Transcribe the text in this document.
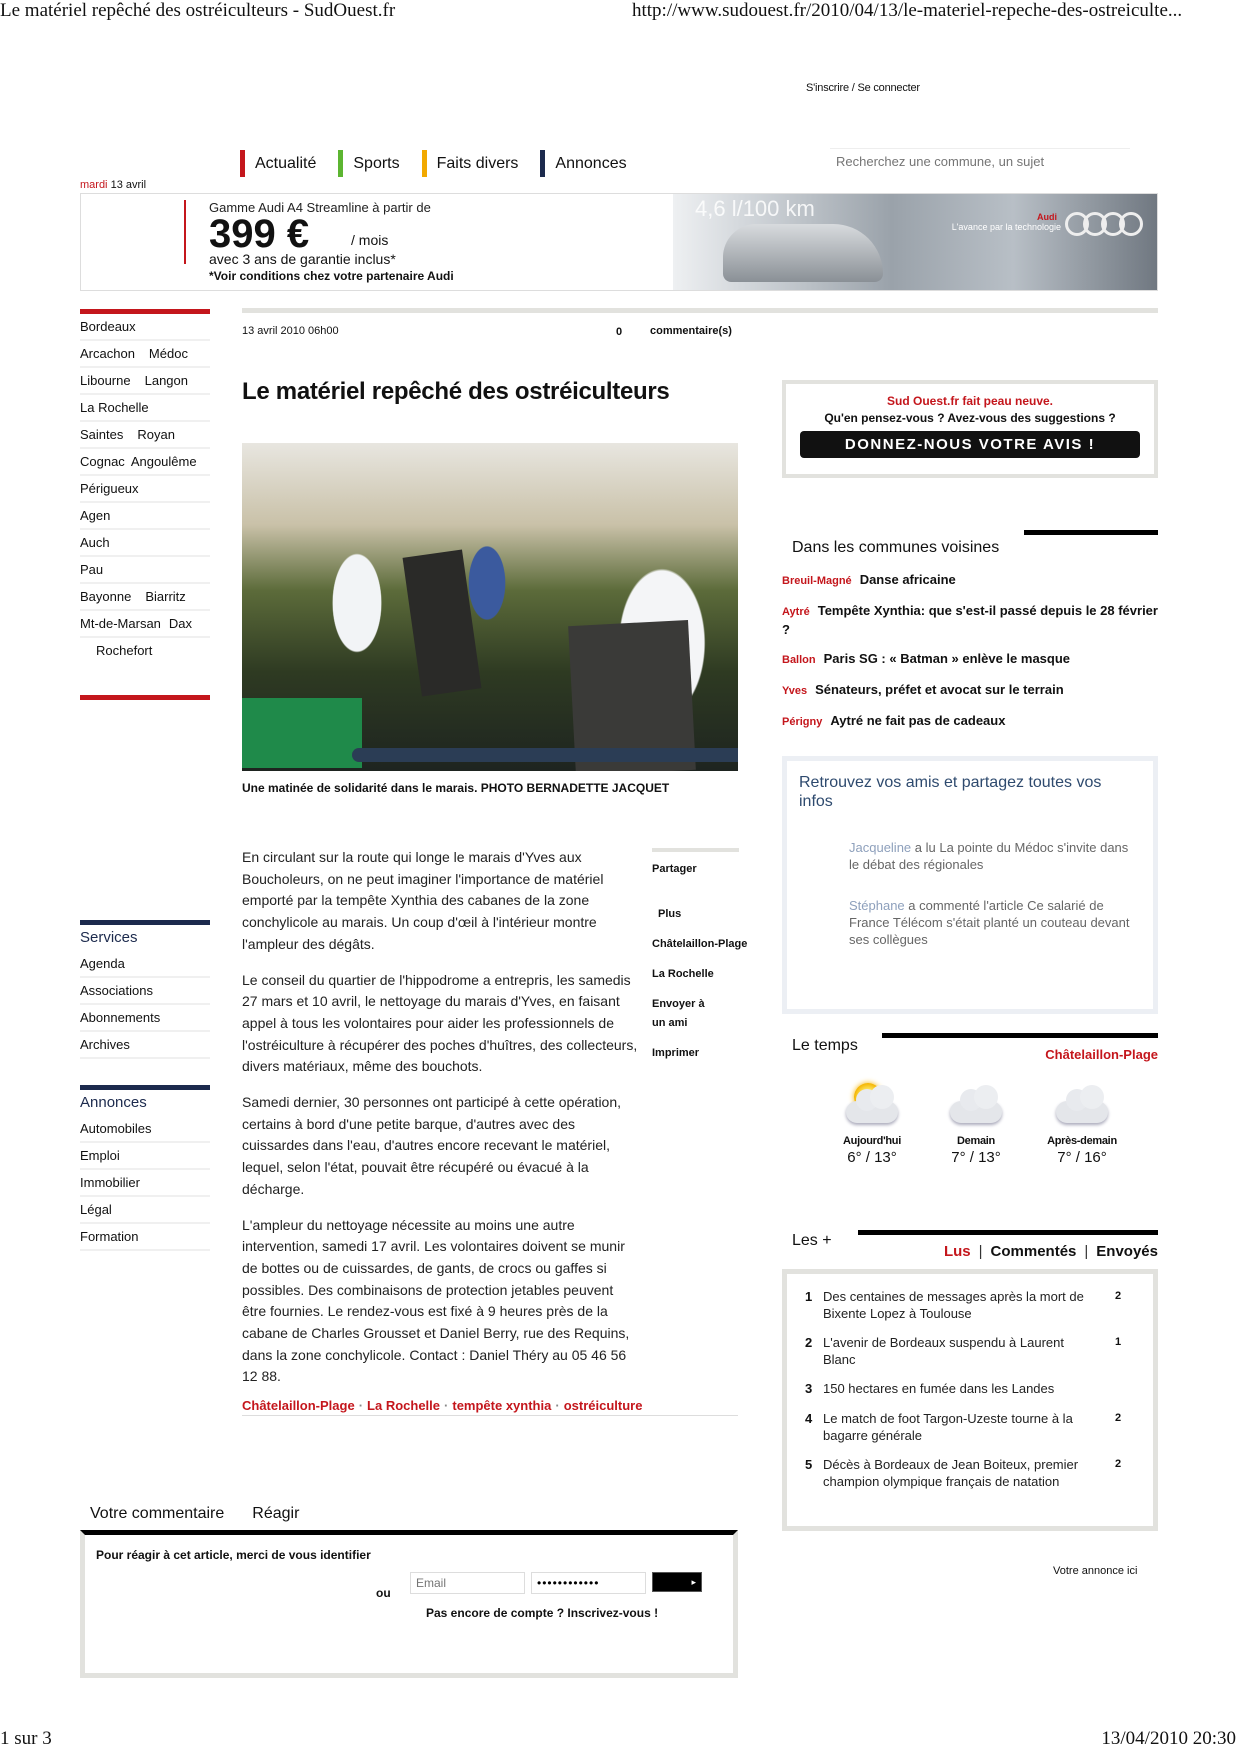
Le matériel repêché des ostréiculteurs - SudOuest.fr	http://www.sudouest.fr/2010/04/13/le-materiel-repeche-des-ostreiculte...
S'inscrire / Se connecter
Actualité Sports Faits divers Annonces
Recherchez une commune, un sujet
mardi 13 avril
Gamme Audi A4 Streamline à partir de
399 €	/ mois
avec 3 ans de garantie inclus*
*Voir conditions chez votre partenaire Audi
4,6 l/100 km	Audi
L'avance par la technologie
Bordeaux
Arcachon Médoc
Libourne Langon
La Rochelle
Saintes Royan
Cognac Angoulême
Périgueux
Agen
Auch
Pau
Bayonne Biarritz
Mt-de-Marsan Dax
Rochefort
Services
Agenda
Associations
Abonnements
Archives
Annonces
Automobiles
Emploi
Immobilier
Légal
Formation
13 avril 2010 06h00	0	commentaire(s)
Le matériel repêché des ostréiculteurs
Une matinée de solidarité dans le marais. PHOTO BERNADETTE JACQUET

En circulant sur la route qui longe le marais d'Yves aux Boucholeurs, on ne peut imaginer l'importance de matériel emporté par la tempête Xynthia des cabanes de la zone conchylicole au marais. Un coup d'œil à l'intérieur montre l'ampleur des dégâts.

Le conseil du quartier de l'hippodrome a entrepris, les samedis 27 mars et 10 avril, le nettoyage du marais d'Yves, en faisant appel à tous les volontaires pour aider les professionnels de l'ostréiculture à récupérer des poches d'huîtres, des collecteurs, divers matériaux, même des bouchots.

Samedi dernier, 30 personnes ont participé à cette opération, certains à bord d'une petite barque, d'autres avec des cuissardes dans l'eau, d'autres encore recevant le matériel, lequel, selon l'état, pouvait être récupéré ou évacué à la décharge.

L'ampleur du nettoyage nécessite au moins une autre intervention, samedi 17 avril. Les volontaires doivent se munir de bottes ou de cuissardes, de gants, de crocs ou gaffes si possibles. Des combinaisons de protection jetables peuvent être fournies. Le rendez-vous est fixé à 9 heures près de la cabane de Charles Grousset et Daniel Berry, rue des Requins, dans la zone conchylicole. Contact : Daniel Théry au 05 46 56 12 88.

Partager
Plus
Châtelaillon-Plage
La Rochelle
Envoyer à un ami
Imprimer
Châtelaillon-Plage · La Rochelle · tempête xynthia · ostréiculture
Votre commentaire Réagir
Pour réagir à cet article, merci de vous identifier
ou
Email
••••••••••••
▸
Pas encore de compte ? Inscrivez-vous !
Sud Ouest.fr fait peau neuve.
Qu'en pensez-vous ? Avez-vous des suggestions ?
DONNEZ-NOUS VOTRE AVIS !
Dans les communes voisines
Breuil-Magné Danse africaine
Aytré Tempête Xynthia: que s'est-il passé depuis le 28 février ?
Ballon Paris SG : « Batman » enlève le masque
Yves Sénateurs, préfet et avocat sur le terrain
Périgny Aytré ne fait pas de cadeaux
Retrouvez vos amis et partagez toutes vos infos
Jacqueline a lu La pointe du Médoc s'invite dans le débat des régionales
Stéphane a commenté l'article Ce salarié de France Télécom s'était planté un couteau devant ses collègues
Le temps
Châtelaillon-Plage
Aujourd'hui
6° / 13°
Demain
7° / 13°
Après-demain
7° / 16°
Les +
Lus | Commentés | Envoyés
1 Des centaines de messages après la mort de Bixente Lopez à Toulouse
2
2 L'avenir de Bordeaux suspendu à Laurent Blanc
1
3 150 hectares en fumée dans les Landes
4 Le match de foot Targon-Uzeste tourne à la bagarre générale
2
5 Décès à Bordeaux de Jean Boiteux, premier champion olympique français de natation
2
Votre annonce ici
1 sur 3	13/04/2010 20:30
